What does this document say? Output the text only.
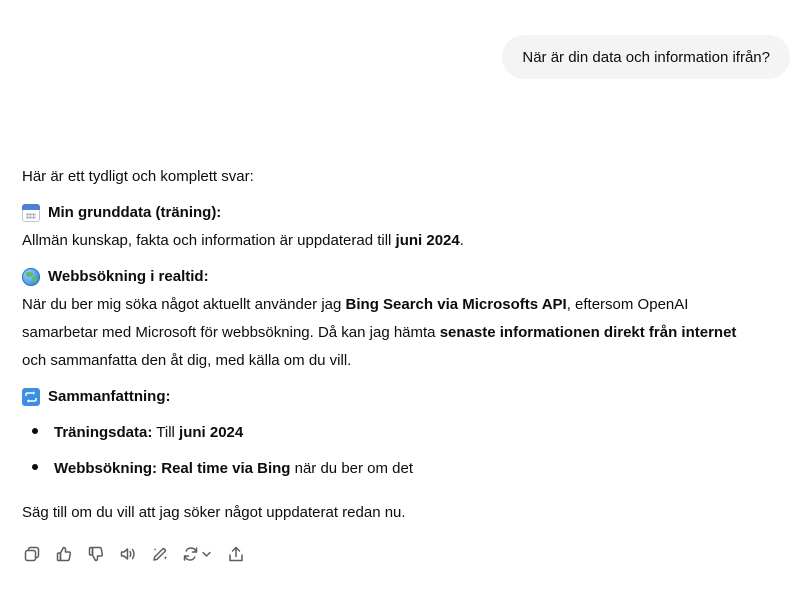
När är din data och information ifrån?
Här är ett tydligt och komplett svar:
Min grunddata (träning):
Allmän kunskap, fakta och information är uppdaterad till juni 2024.
Webbsökning i realtid:
När du ber mig söka något aktuellt använder jag Bing Search via Microsofts API, eftersom OpenAI
samarbetar med Microsoft för webbsökning. Då kan jag hämta senaste informationen direkt från internet
och sammanfatta den åt dig, med källa om du vill.
Sammanfattning:
Träningsdata: Till juni 2024
Webbsökning: Real time via Bing när du ber om det
Säg till om du vill att jag söker något uppdaterat redan nu.
